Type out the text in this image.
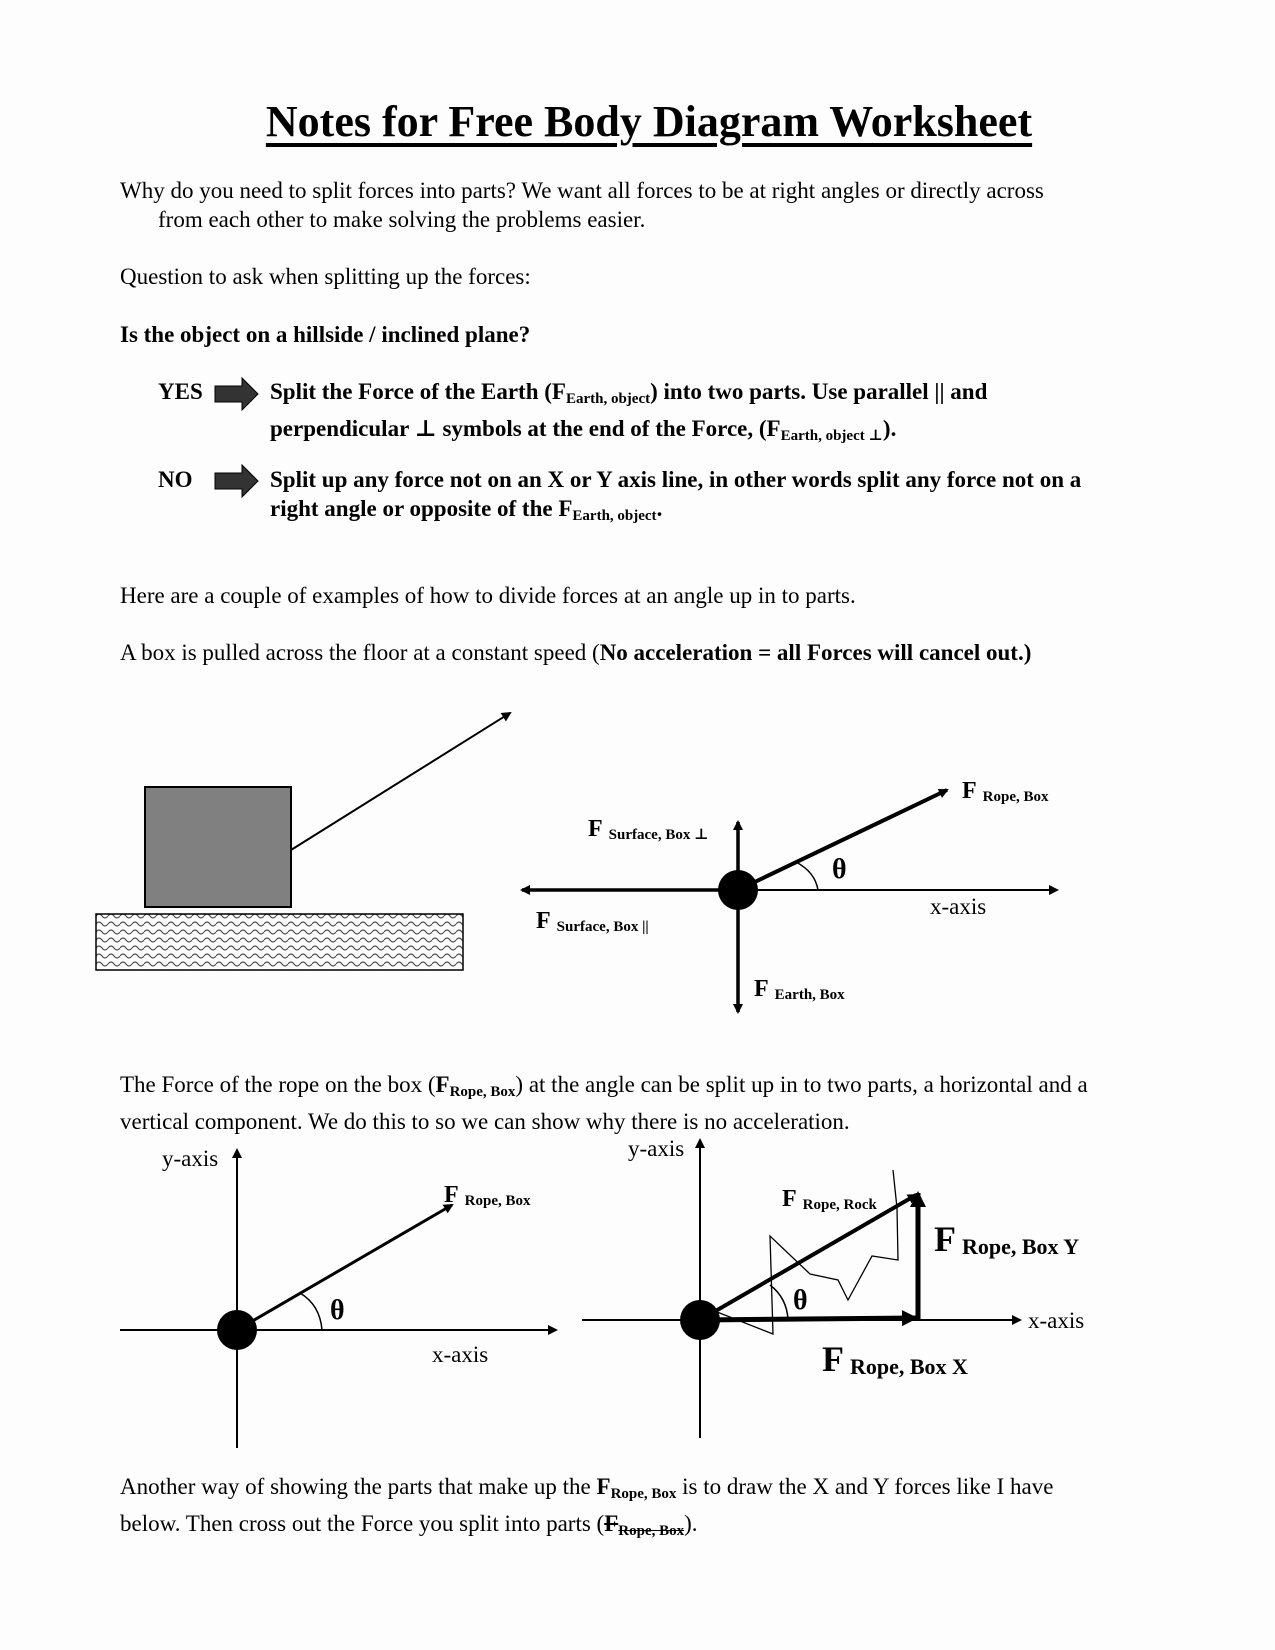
Notes for Free Body Diagram Worksheet
Why do you need to split forces into parts? We want all forces to be at right angles or directly across
from each other to make solving the problems easier.
Question to ask when splitting up the forces:
Is the object on a hillside / inclined plane?
YES	Split the Force of the Earth (FEarth, object) into two parts. Use parallel || and
perpendicular ⊥ symbols at the end of the Force, (FEarth, object ⊥).
NO	Split up any force not on an X or Y axis line, in other words split any force not on a
right angle or opposite of the FEarth, object.
Here are a couple of examples of how to divide forces at an angle up in to parts.
A box is pulled across the floor at a constant speed (No acceleration = all Forces will cancel out.)
F Rope, Box
F Surface, Box ⊥
F Surface, Box ||
F Earth, Box
θ
x-axis
The Force of the rope on the box $(F_{Rope, Box})$ at the angle can be split up in to two parts, a horizontal and a
vertical component. We do this to so we can show why there is no acceleration.
y-axis
x-axis
θ
F Rope, Box
y-axis
x-axis
θ
F Rope, Rock
F Rope, Box Y
F Rope, Box X
Another way of showing the parts that make up the $F_{Rope, Box}$ is to draw the X and Y forces like I have
below. Then cross out the Force you split into parts $(F_{Rope, Box})$.
